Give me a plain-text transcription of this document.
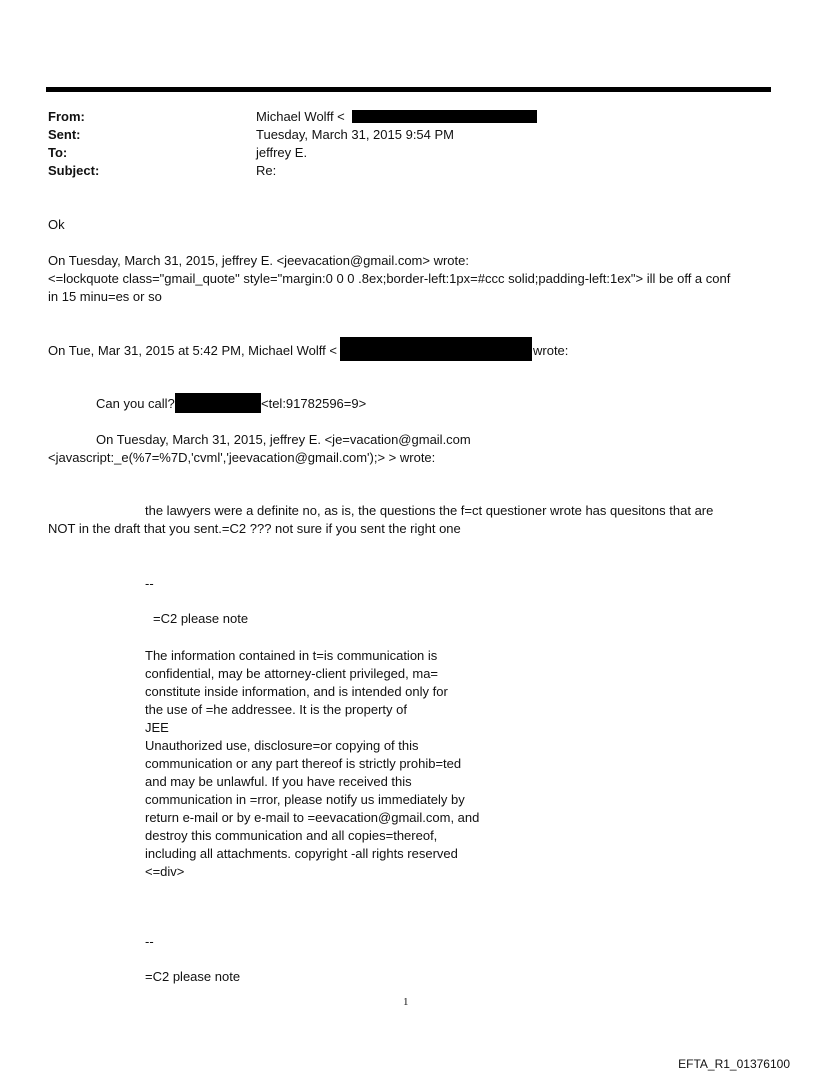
From:	Michael Wolff <
Sent:	Tuesday, March 31, 2015 9:54 PM
To:	jeffrey E.
Subject:	Re:
Ok
On Tuesday, March 31, 2015, jeffrey E. <jeevacation@gmail.com> wrote:
<=lockquote class="gmail_quote" style="margin:0 0 0 .8ex;border-left:1px=#ccc solid;padding-left:1ex"> ill be off a conf
in 15 minu=es or so
On Tue, Mar 31, 2015 at 5:42 PM, Michael Wolff <	wrote:
Can you call?	<tel:91782596=9>
On Tuesday, March 31, 2015, jeffrey E. <je=vacation@gmail.com
<javascript:_e(%7=%7D,'cvml','jeevacation@gmail.com');> > wrote:
the lawyers were a definite no, as is, the questions the f=ct questioner wrote has quesitons that are
NOT in the draft that you sent.=C2 ??? not sure if you sent the right one
--
=C2 please note
The information contained in t=is communication is
confidential, may be attorney-client privileged, ma=
constitute inside information, and is intended only for
the use of =he addressee. It is the property of
JEE
Unauthorized use, disclosure=or copying of this
communication or any part thereof is strictly prohib=ted
and may be unlawful. If you have received this
communication in =rror, please notify us immediately by
return e-mail or by e-mail to =eevacation@gmail.com, and
destroy this communication and all copies=thereof,
including all attachments. copyright -all rights reserved
<=div>
--
=C2 please note
1
EFTA_R1_01376100
